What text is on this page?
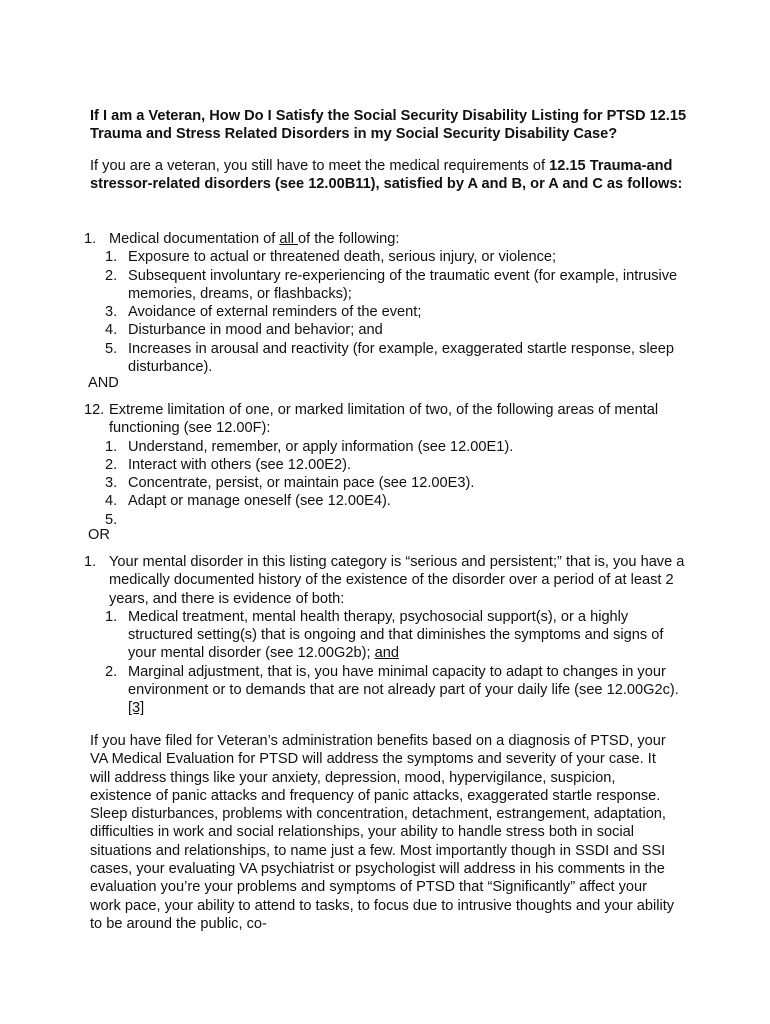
If I am a Veteran, How Do I Satisfy the Social Security Disability Listing for PTSD 12.15 Trauma and Stress Related Disorders in my Social Security Disability Case?

If you are a veteran, you still have to meet the medical requirements of 12.15 Trauma-and stressor-related disorders (see 12.00B11), satisfied by A and B, or A and C as follows:

1. Medical documentation of all of the following:
1. Exposure to actual or threatened death, serious injury, or violence;
2. Subsequent involuntary re-experiencing of the traumatic event (for example, intrusive memories, dreams, or flashbacks);
3. Avoidance of external reminders of the event;
4. Disturbance in mood and behavior; and
5. Increases in arousal and reactivity (for example, exaggerated startle response, sleep disturbance).
AND
12. Extreme limitation of one, or marked limitation of two, of the following areas of mental functioning (see 12.00F):
1. Understand, remember, or apply information (see 12.00E1).
2. Interact with others (see 12.00E2).
3. Concentrate, persist, or maintain pace (see 12.00E3).
4. Adapt or manage oneself (see 12.00E4).
5.

OR
1. Your mental disorder in this listing category is “serious and persistent;” that is, you have a medically documented history of the existence of the disorder over a period of at least 2 years, and there is evidence of both:
1. Medical treatment, mental health therapy, psychosocial support(s), or a highly structured setting(s) that is ongoing and that diminishes the symptoms and signs of your mental disorder (see 12.00G2b); and
2. Marginal adjustment, that is, you have minimal capacity to adapt to changes in your environment or to demands that are not already part of your daily life (see 12.00G2c).[3]

If you have filed for Veteran’s administration benefits based on a diagnosis of PTSD, your VA Medical Evaluation for PTSD will address the symptoms and severity of your case. It will address things like your anxiety, depression, mood, hypervigilance, suspicion, existence of panic attacks and frequency of panic attacks, exaggerated startle response. Sleep disturbances, problems with concentration, detachment, estrangement, adaptation, difficulties in work and social relationships, your ability to handle stress both in social situations and relationships, to name just a few. Most importantly though in SSDI and SSI cases, your evaluating VA psychiatrist or psychologist will address in his comments in the evaluation you’re your problems and symptoms of PTSD that “Significantly” affect your work pace, your ability to attend to tasks, to focus due to intrusive thoughts and your ability to be around the public, co-
